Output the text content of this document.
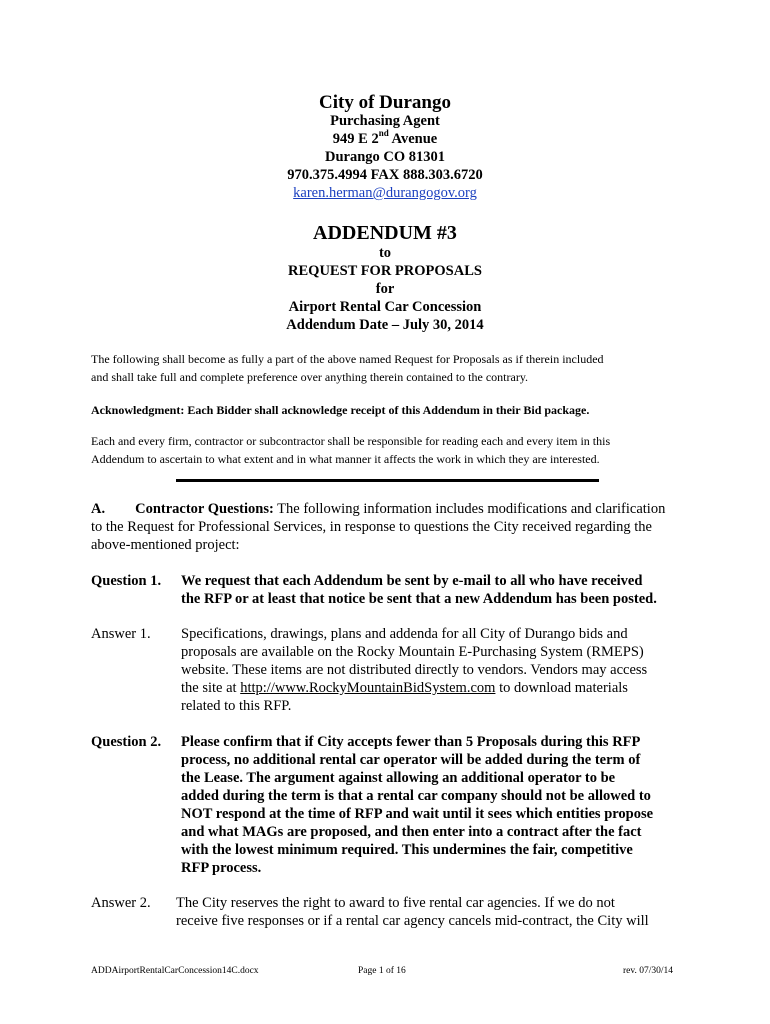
City of Durango
Purchasing Agent
949 E 2nd Avenue
Durango CO 81301
970.375.4994 FAX 888.303.6720
karen.herman@durangogov.org
ADDENDUM #3
to
REQUEST FOR PROPOSALS
for
Airport Rental Car Concession
Addendum Date – July 30, 2014
The following shall become as fully a part of the above named Request for Proposals as if therein included
and shall take full and complete preference over anything therein contained to the contrary.
Acknowledgment: Each Bidder shall acknowledge receipt of this Addendum in their Bid package.
Each and every firm, contractor or subcontractor shall be responsible for reading each and every item in this
Addendum to ascertain to what extent and in what manner it affects the work in which they are interested.
A. Contractor Questions: The following information includes modifications and clarification
to the Request for Professional Services, in response to questions the City received regarding the
above-mentioned project:
Question 1. We request that each Addendum be sent by e-mail to all who have received
the RFP or at least that notice be sent that a new Addendum has been posted.
Answer 1. Specifications, drawings, plans and addenda for all City of Durango bids and
proposals are available on the Rocky Mountain E-Purchasing System (RMEPS)
website. These items are not distributed directly to vendors. Vendors may access
the site at http://www.RockyMountainBidSystem.com to download materials
related to this RFP.
Question 2. Please confirm that if City accepts fewer than 5 Proposals during this RFP
process, no additional rental car operator will be added during the term of
the Lease. The argument against allowing an additional operator to be
added during the term is that a rental car company should not be allowed to
NOT respond at the time of RFP and wait until it sees which entities propose
and what MAGs are proposed, and then enter into a contract after the fact
with the lowest minimum required. This undermines the fair, competitive
RFP process.
Answer 2. The City reserves the right to award to five rental car agencies. If we do not
receive five responses or if a rental car agency cancels mid-contract, the City will
ADDAirportRentalCarConcession14C.docx	Page 1 of 16	rev. 07/30/14
